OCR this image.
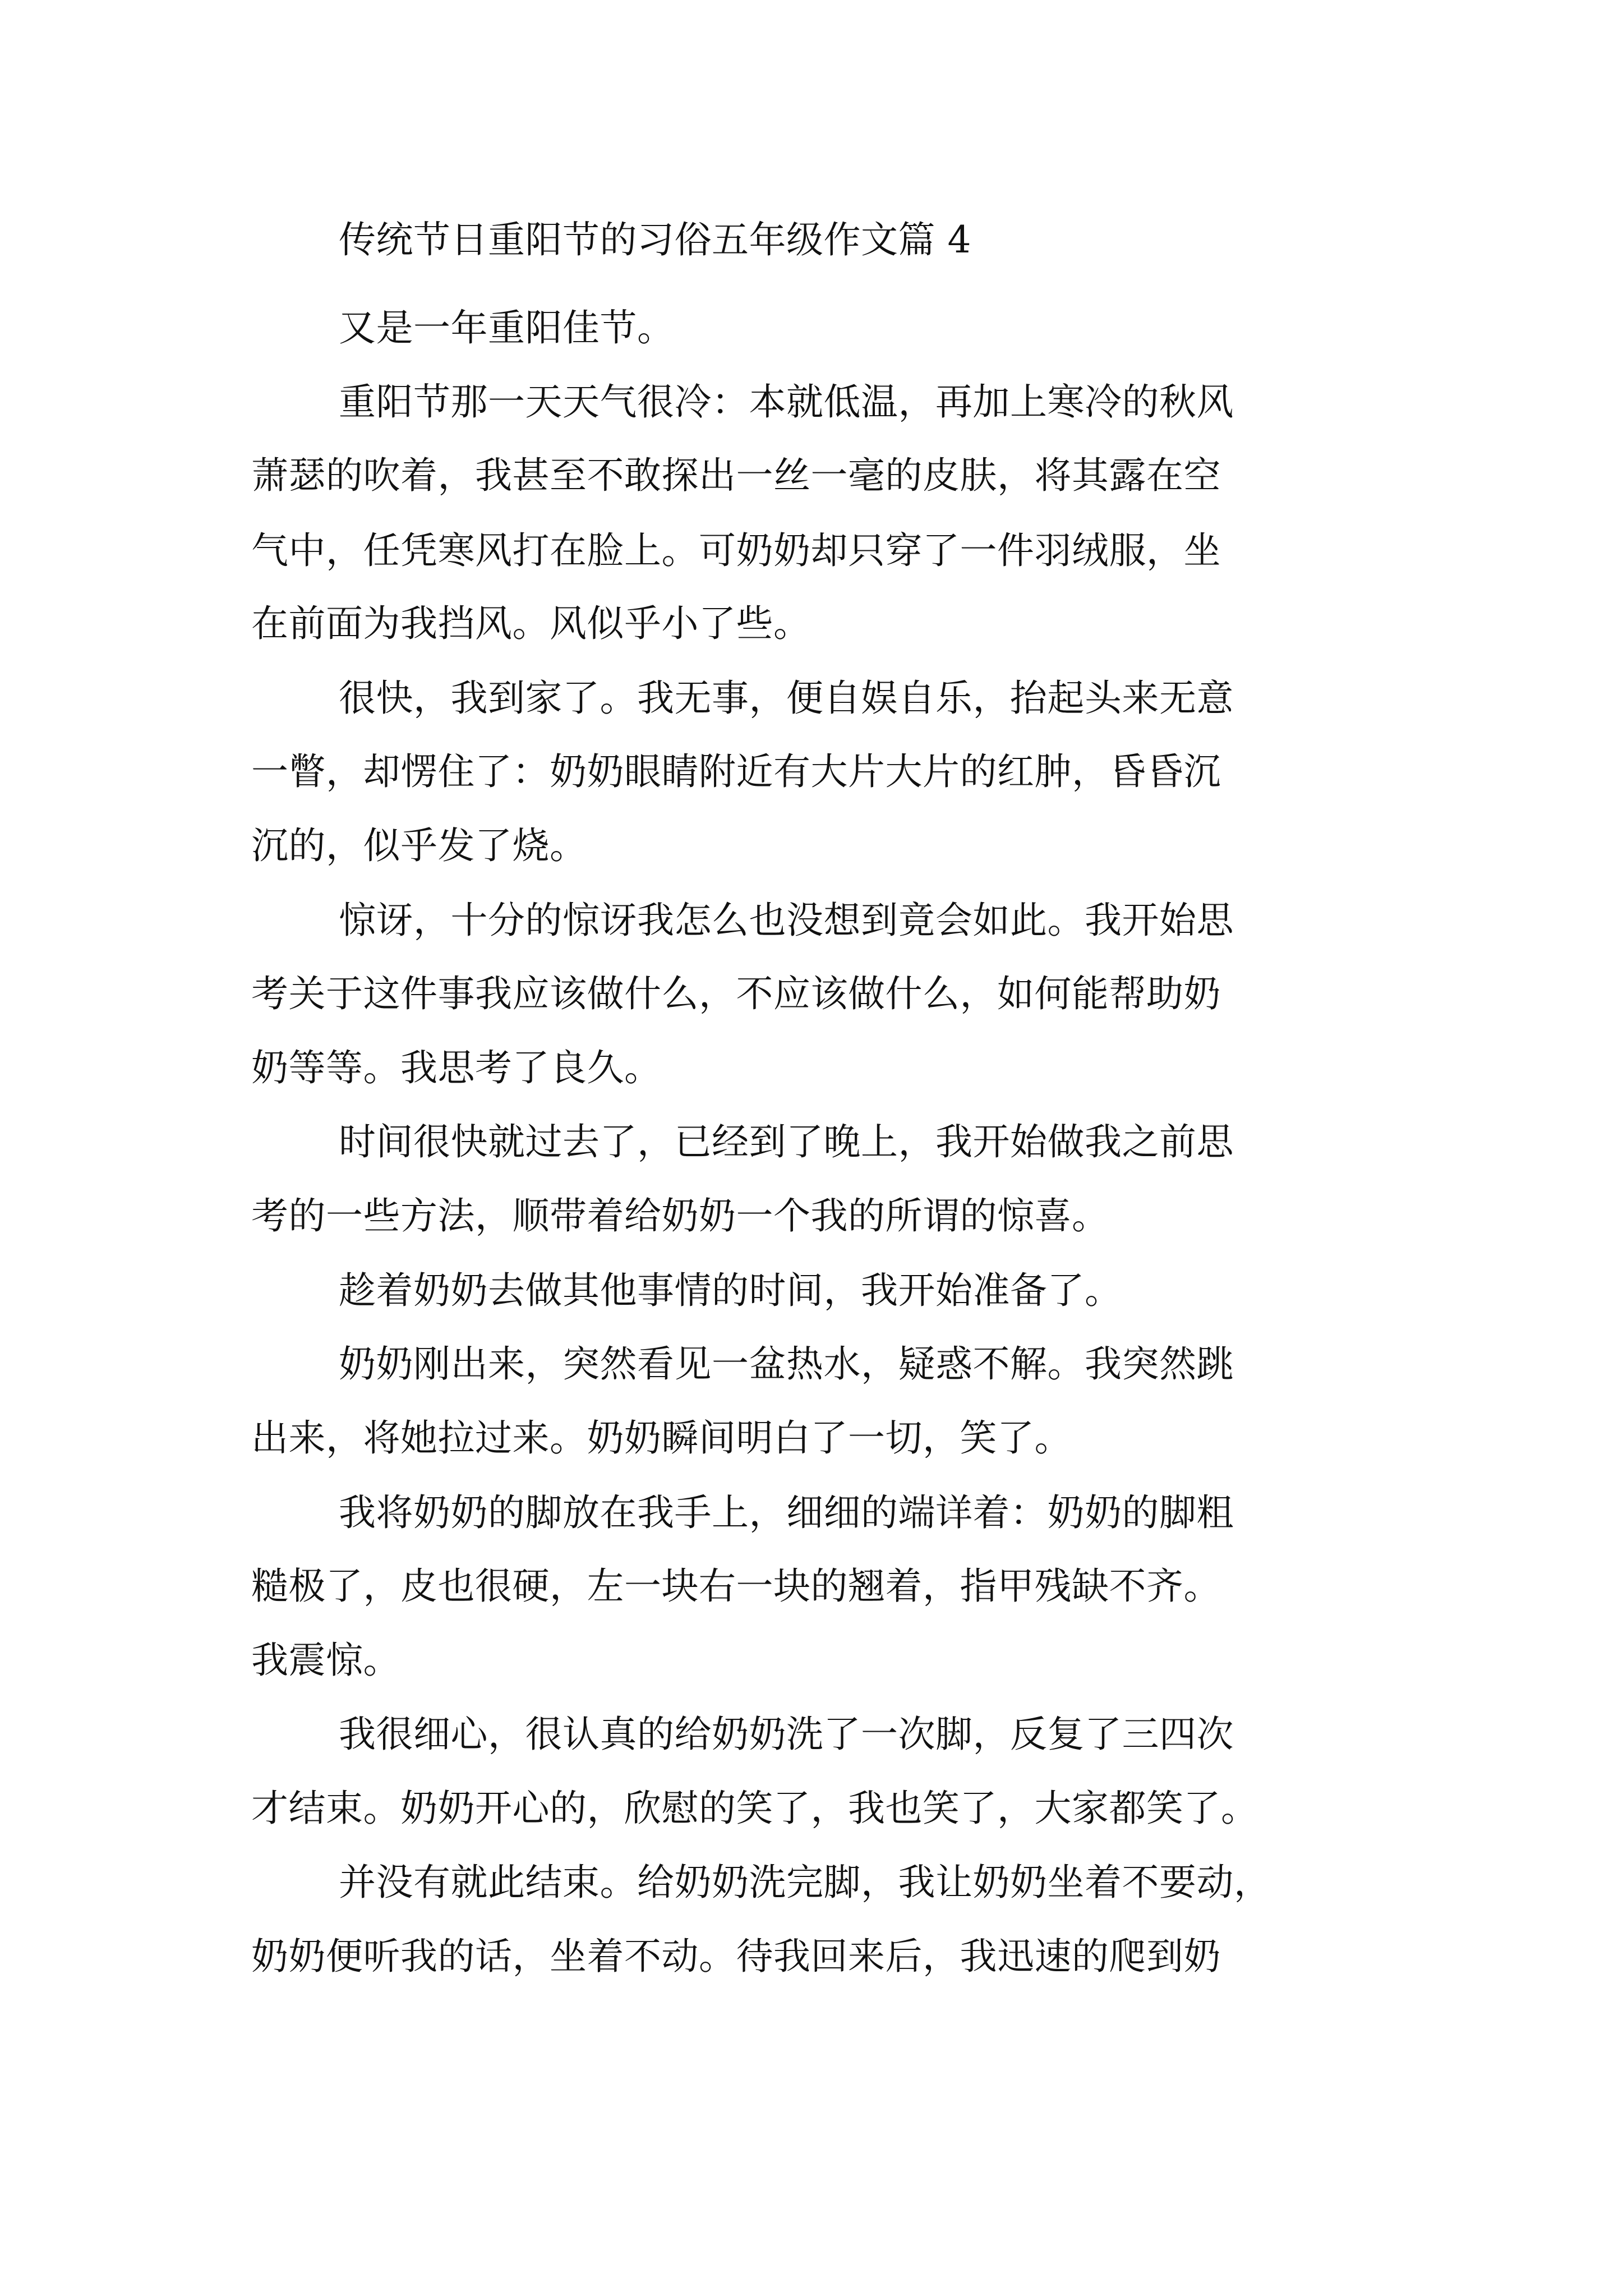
传统节日重阳节的习俗五年级作文篇 4
又是一年重阳佳节。
重阳节那一天天气很冷：本就低温，再加上寒冷的秋风
萧瑟的吹着，我甚至不敢探出一丝一毫的皮肤，将其露在空
气中，任凭寒风打在脸上。可奶奶却只穿了一件羽绒服，坐
在前面为我挡风。风似乎小了些。
很快，我到家了。我无事，便自娱自乐，抬起头来无意
一瞥，却愣住了：奶奶眼睛附近有大片大片的红肿，昏昏沉
沉的，似乎发了烧。
惊讶，十分的惊讶我怎么也没想到竟会如此。我开始思
考关于这件事我应该做什么，不应该做什么，如何能帮助奶
奶等等。我思考了良久。
时间很快就过去了，已经到了晚上，我开始做我之前思
考的一些方法，顺带着给奶奶一个我的所谓的惊喜。
趁着奶奶去做其他事情的时间，我开始准备了。
奶奶刚出来，突然看见一盆热水，疑惑不解。我突然跳
出来，将她拉过来。奶奶瞬间明白了一切，笑了。
我将奶奶的脚放在我手上，细细的端详着：奶奶的脚粗
糙极了，皮也很硬，左一块右一块的翘着，指甲残缺不齐。
我震惊。
我很细心，很认真的给奶奶洗了一次脚，反复了三四次
才结束。奶奶开心的，欣慰的笑了，我也笑了，大家都笑了。
并没有就此结束。给奶奶洗完脚，我让奶奶坐着不要动，
奶奶便听我的话，坐着不动。待我回来后，我迅速的爬到奶
